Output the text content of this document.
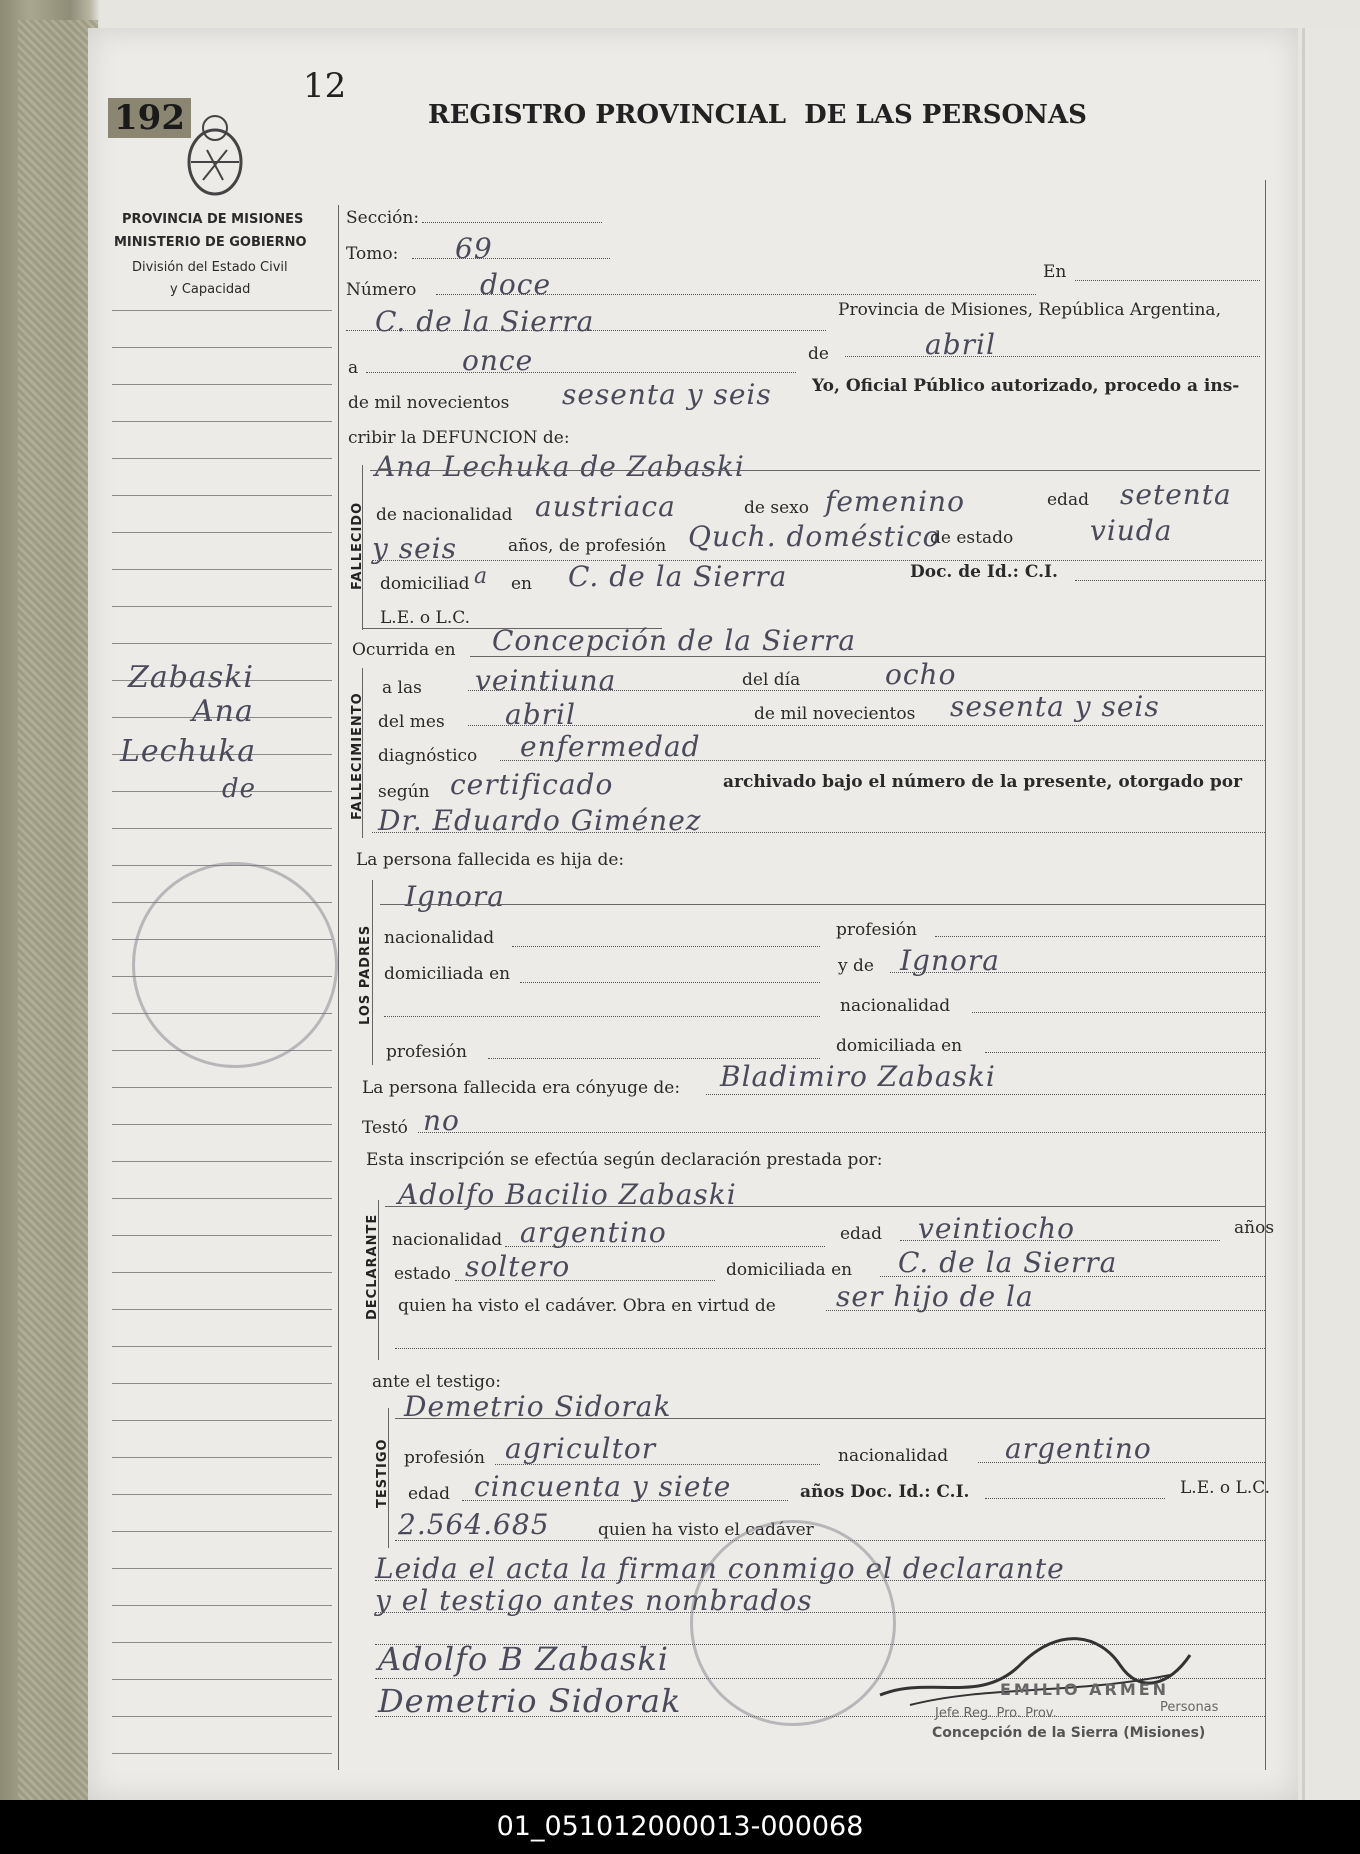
192
12
REGISTRO PROVINCIAL  DE LAS PERSONAS
PROVINCIA DE MISIONES
MINISTERIO DE GOBIERNO
División del Estado Civil
y Capacidad
Zabaski
Ana
Lechuka
de
Sección:
Tomo: 69
Número doce	En
C. de la Sierra	Provincia de Misiones, República Argentina,
a	once	de	abril
de mil novecientos sesenta y seis Yo, Oficial Público autorizado, procedo a ins-
cribir la DEFUNCION de:
FALLECIDO
Ana Lechuka de Zabaski
de nacionalidad austriaca	de sexo femenino	edad setenta
y seis	años, de profesión Quch. doméstico
de estado	viuda
domiciliad a en C. de la Sierra	Doc. de Id.: C.I.
L.E. o L.C.
Ocurrida en Concepción de la Sierra
FALLECIMIENTO
a las veintiuna	del día	ocho
del mes abril	de mil novecientos sesenta y seis
diagnóstico enfermedad
según certificado	archivado bajo el número de la presente, otorgado por
Dr. Eduardo Giménez
La persona fallecida es hija de:
LOS PADRES
Ignora
nacionalidad	profesión
domiciliada en	y de Ignora
nacionalidad
profesión	domiciliada en
La persona fallecida era cónyuge de: Bladimiro Zabaski
Testó no
Esta inscripción se efectúa según declaración prestada por:
DECLARANTE
Adolfo Bacilio Zabaski
nacionalidad argentino	edad veintiocho	años
estado soltero	domiciliada en C. de la Sierra
quien ha visto el cadáver. Obra en virtud de ser hijo de la
ante el testigo:
TESTIGO
Demetrio Sidorak
profesión agricultor	nacionalidad argentino
edad cincuenta y siete	años Doc. Id.: C.I.	L.E. o L.C.
2.564.685	quien ha visto el cadáver
Leida el acta la firman conmigo el declarante
y el testigo antes nombrados
Adolfo B Zabaski
Demetrio Sidorak	EMILIO ARMEN
Jefe Reg. Pro. Prov.	Personas
Concepción de la Sierra (Misiones)
01_051012000013-000068
